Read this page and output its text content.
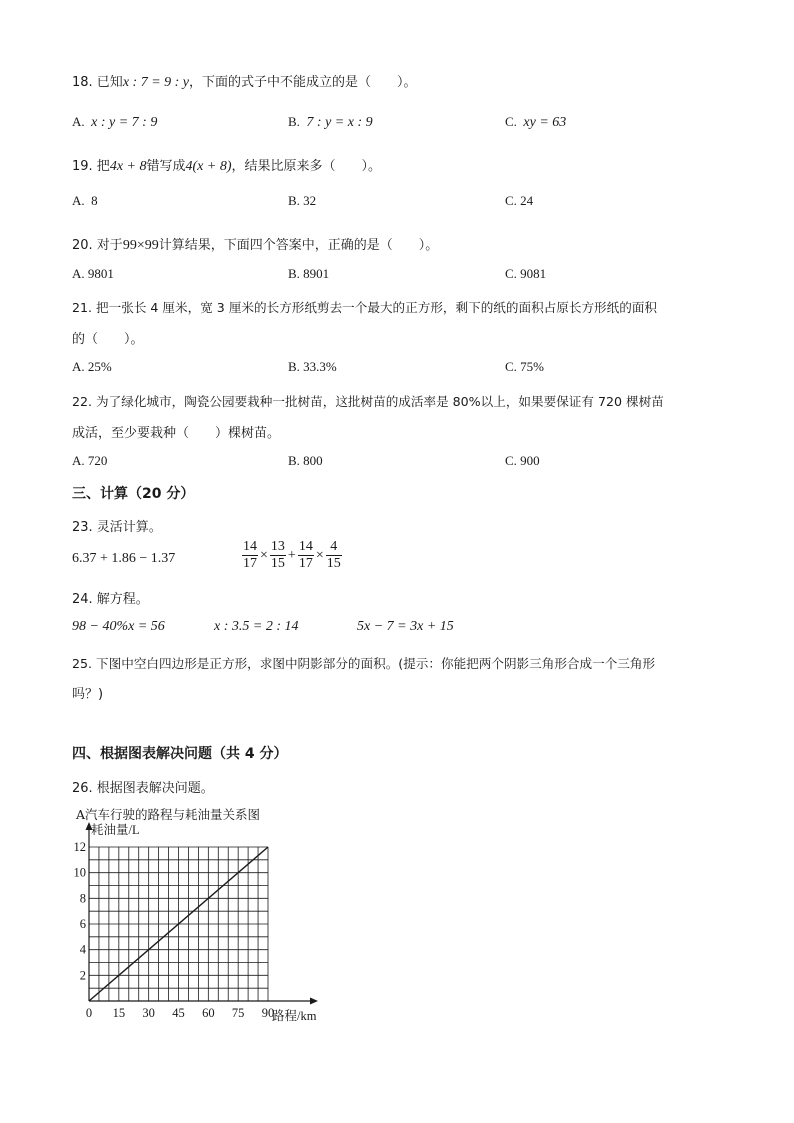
18. 已知x : 7 = 9 : y，下面的式子中不能成立的是（　　）。
A. x : y = 7 : 9	B. 7 : y = x : 9	C. xy = 63
19. 把4x + 8错写成4(x + 8)，结果比原来多（　　）。
A. 8	B. 32	C. 24
20. 对于99×99计算结果，下面四个答案中，正确的是（　　）。
A. 9801	B. 8901	C. 9081
21. 把一张长 4 厘米，宽 3 厘米的长方形纸剪去一个最大的正方形，剩下的纸的面积占原长方形纸的面积
的（　　）。
A. 25%	B. 33.3%	C. 75%
22. 为了绿化城市，陶瓷公园要栽种一批树苗，这批树苗的成活率是 80%以上，如果要保证有 720 棵树苗
成活，至少要栽种（　　）棵树苗。
A. 720	B. 800	C. 900
三、计算（20 分）
23. 灵活计算。
6.37 + 1.86 − 1.37	$\frac{14}{17} \times \frac{13}{15} + \frac{14}{17} \times \frac{4}{15}$
24. 解方程。
98 − 40%x = 56	x : 3.5 = 2 : 14	5x − 7 = 3x + 15
25. 下图中空白四边形是正方形，求图中阴影部分的面积。(提示：你能把两个阴影三角形合成一个三角形
吗？)
四、根据图表解决问题（共 4 分）
26. 根据图表解决问题。
A汽车行驶的路程与耗油量关系图
0 15 30 45 60 75 90
2
4
6
8
10
12
耗油量/L
路程/km
